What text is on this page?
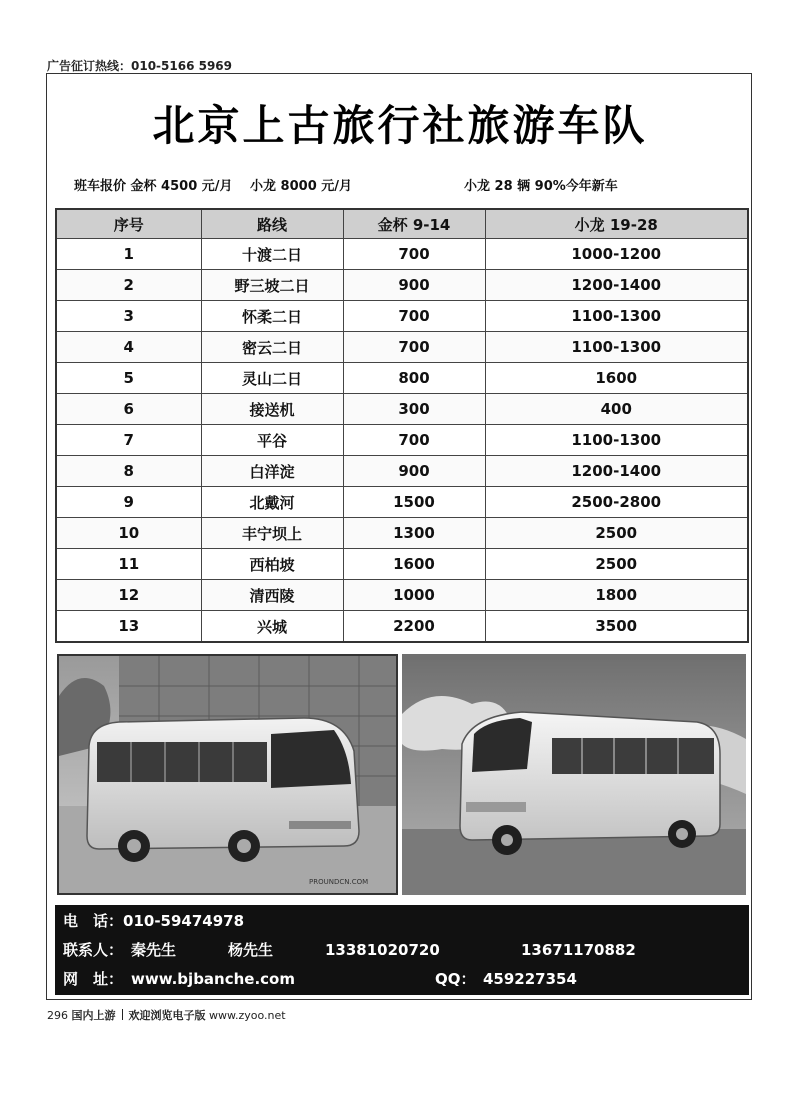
广告征订热线：010-5166 5969
北京上古旅行社旅游车队
班车报价 金杯 4500 元/月　 小龙 8000 元/月	小龙 28 辆 90%今年新车
序号	路线	金杯 9-14	小龙 19-28
1	十渡二日	700	1000-1200
2	野三坡二日	900	1200-1400
3	怀柔二日	700	1100-1300
4	密云二日	700	1100-1300
5	灵山二日	800	1600
6	接送机	300	400
7	平谷	700	1100-1300
8	白洋淀	900	1200-1400
9	北戴河	1500	2500-2800
10	丰宁坝上	1300	2500
11	西柏坡	1600	2500
12	清西陵	1000	1800
13	兴城	2200	3500
PROUNDCN.COM
电　话：010-59474978
联系人： 秦先生	杨先生	13381020720	13671170882
网　址： www.bjbanche.com	QQ： 459227354
296 国内上游 欢迎浏览电子版 www.zyoo.net
